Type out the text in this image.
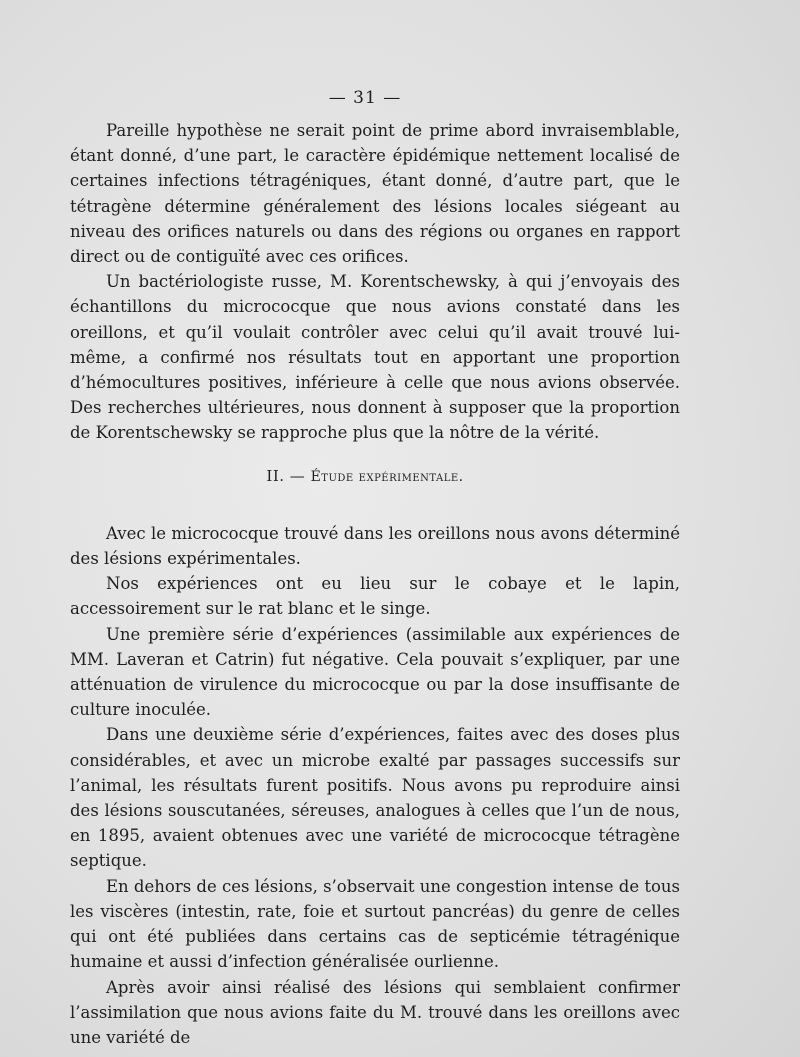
— 31 —

Pareille hypothèse ne serait point de prime abord invraisemblable, étant donné, d’une part, le caractère épidémique nettement localisé de certaines infections tétragéniques, étant donné, d’autre part, que le tétragène détermine généralement des lésions locales siégeant au niveau des orifices naturels ou dans des régions ou organes en rapport direct ou de contiguïté avec ces orifices.

Un bactériologiste russe, M. Korentschewsky, à qui j’envoyais des échantillons du micrococque que nous avions constaté dans les oreillons, et qu’il voulait contrôler avec celui qu’il avait trouvé lui-même, a confirmé nos résultats tout en apportant une proportion d’hémocultures positives, inférieure à celle que nous avions observée. Des recherches ultérieures, nous donnent à supposer que la proportion de Korentschewsky se rapproche plus que la nôtre de la vérité.

II. — Étude expérimentale.

Avec le micrococque trouvé dans les oreillons nous avons déterminé des lésions expérimentales.

Nos expériences ont eu lieu sur le cobaye et le lapin, accessoirement sur le rat blanc et le singe.

Une première série d’expériences (assimilable aux expériences de MM. Laveran et Catrin) fut négative. Cela pouvait s’expliquer, par une atténuation de virulence du micrococque ou par la dose insuffisante de culture inoculée.

Dans une deuxième série d’expériences, faites avec des doses plus considérables, et avec un microbe exalté par passages successifs sur l’animal, les résultats furent positifs. Nous avons pu reproduire ainsi des lésions souscutanées, séreuses, analogues à celles que l’un de nous, en 1895, avaient obtenues avec une variété de micrococque tétragène septique.

En dehors de ces lésions, s’observait une congestion intense de tous les viscères (intestin, rate, foie et surtout pancréas) du genre de celles qui ont été publiées dans certains cas de septicémie tétragénique humaine et aussi d’infection généralisée ourlienne.

Après avoir ainsi réalisé des lésions qui semblaient confirmer l’assimilation que nous avions faite du M. trouvé dans les oreillons avec une variété de
